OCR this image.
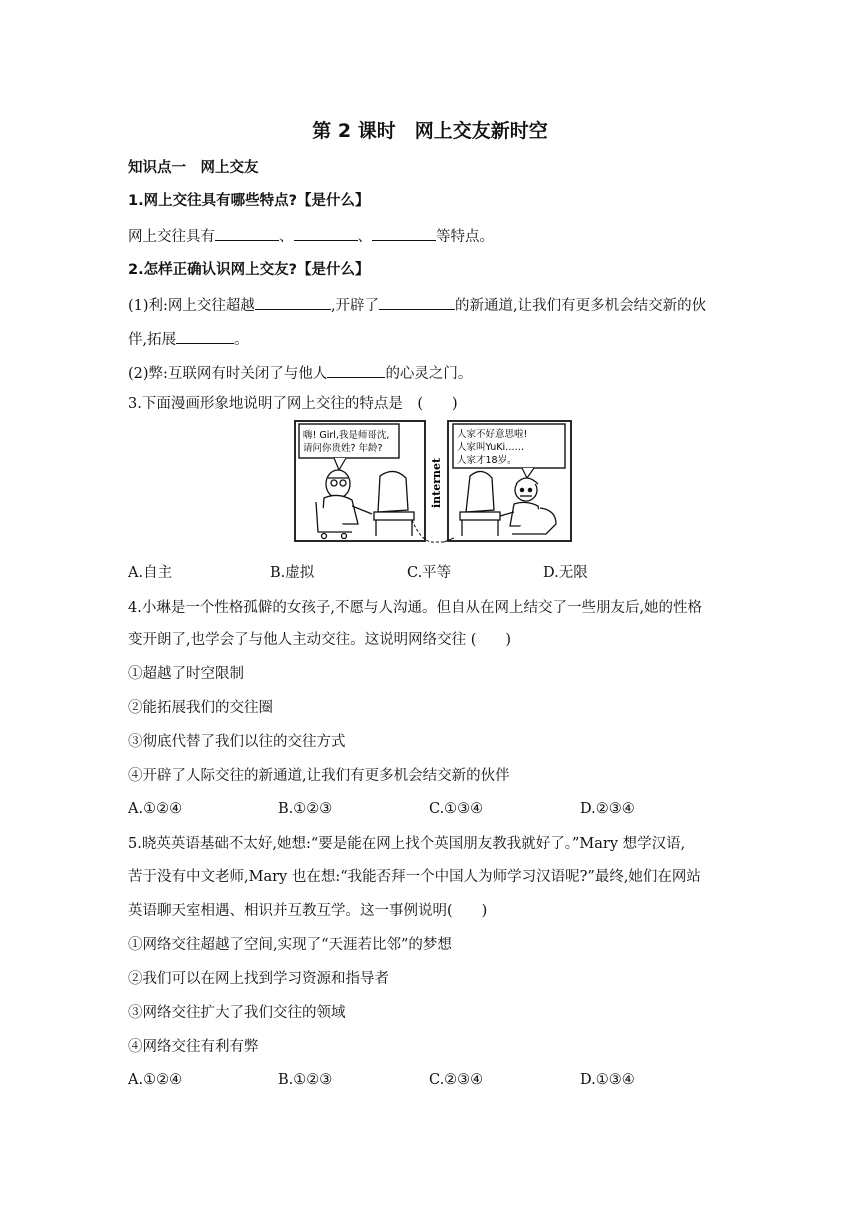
第 2 课时　网上交友新时空
知识点一　网上交友
1.网上交往具有哪些特点?【是什么】
网上交往具有	、	、	等特点。
2.怎样正确认识网上交友?【是什么】
(1)利:网上交往超越	,开辟了	的新通道,让我们有更多机会结交新的伙
伴,拓展	。
(2)弊:互联网有时关闭了与他人	的心灵之门。
3.下面漫画形象地说明了网上交往的特点是　(　　)
嗨! Girl,我是师哥沈,
请问你贵姓? 年龄?
人家不好意思啦!
人家叫YuKi……
人家才18岁。
internet
A.自主	B.虚拟	C.平等	D.无限
4.小琳是一个性格孤僻的女孩子,不愿与人沟通。但自从在网上结交了一些朋友后,她的性格
变开朗了,也学会了与他人主动交往。这说明网络交往 (　　)
①超越了时空限制
②能拓展我们的交往圈
③彻底代替了我们以往的交往方式
④开辟了人际交往的新通道,让我们有更多机会结交新的伙伴
A.①②④	B.①②③	C.①③④	D.②③④
5.晓英英语基础不太好,她想:“要是能在网上找个英国朋友教我就好了。”Mary 想学汉语,
苦于没有中文老师,Mary 也在想:“我能否拜一个中国人为师学习汉语呢?”最终,她们在网站
英语聊天室相遇、相识并互教互学。这一事例说明(　　)
①网络交往超越了空间,实现了“天涯若比邻”的梦想
②我们可以在网上找到学习资源和指导者
③网络交往扩大了我们交往的领域
④网络交往有利有弊
A.①②④	B.①②③	C.②③④	D.①③④
